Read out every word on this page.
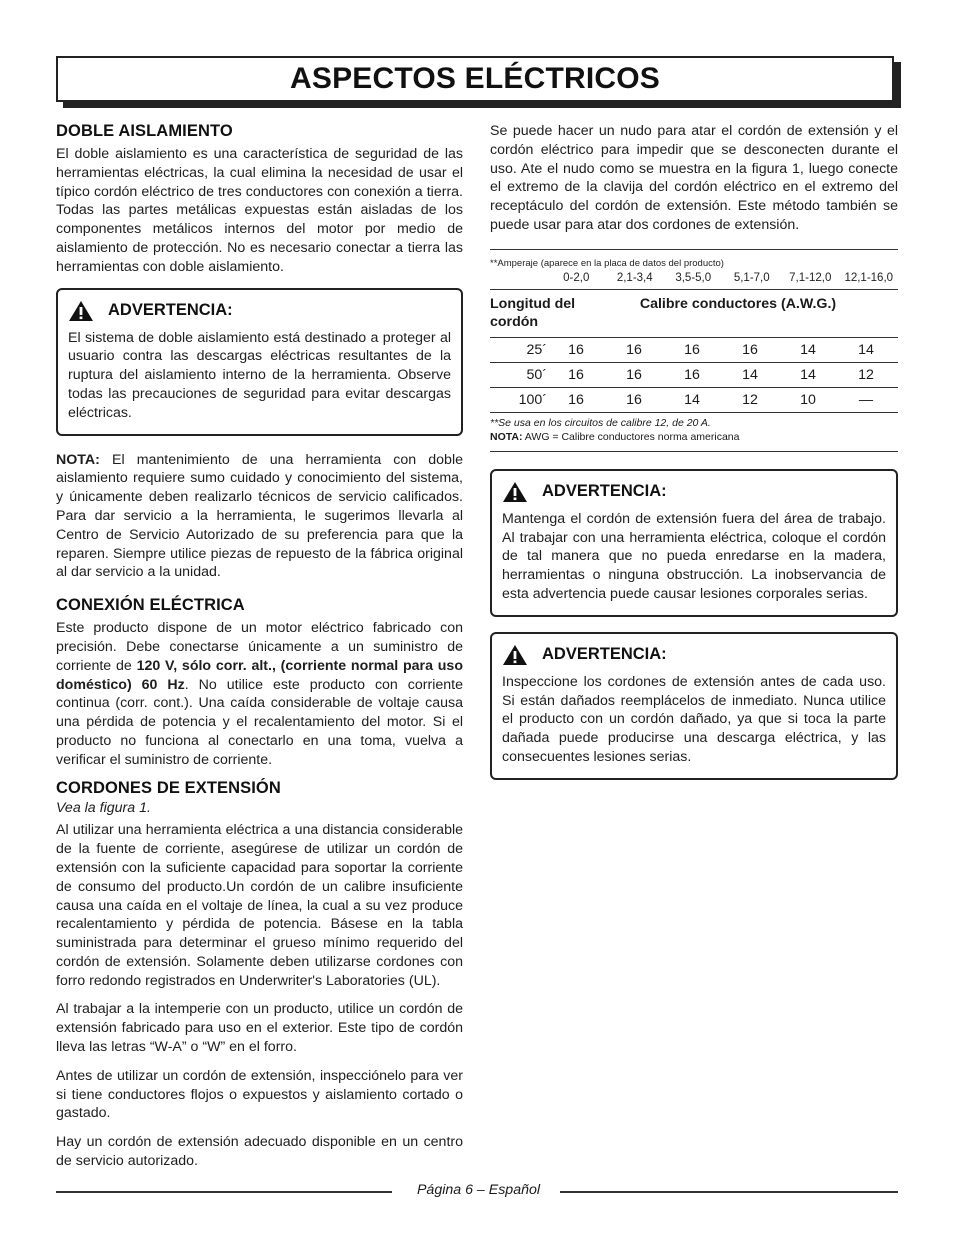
ASPECTOS ELÉCTRICOS
DOBLE AISLAMIENTO

El doble aislamiento es una característica de seguridad de las herramientas eléctricas, la cual elimina la necesidad de usar el típico cordón eléctrico de tres conductores con conexión a tierra. Todas las partes metálicas expuestas están aisladas de los componentes metálicos internos del motor por medio de aislamiento de protección. No es necesario conectar a tierra las herramientas con doble aislamiento.

ADVERTENCIA:

El sistema de doble aislamiento está destinado a proteger al usuario contra las descargas eléctricas resultantes de la ruptura del aislamiento interno de la herramienta. Observe todas las precauciones de seguridad para evitar descargas eléctricas.

NOTA: El mantenimiento de una herramienta con doble aislamiento requiere sumo cuidado y conocimiento del sistema, y únicamente deben realizarlo técnicos de servicio calificados. Para dar servicio a la herramienta, le sugerimos llevarla al Centro de Servicio Autorizado de su preferencia para que la reparen. Siempre utilice piezas de repuesto de la fábrica original al dar servicio a la unidad.

CONEXIÓN ELÉCTRICA

Este producto dispone de un motor eléctrico fabricado con precisión. Debe conectarse únicamente a un suministro de corriente de 120 V, sólo corr. alt., (corriente normal para uso doméstico) 60 Hz. No utilice este producto con corriente continua (corr. cont.). Una caída considerable de voltaje causa una pérdida de potencia y el recalentamiento del motor. Si el producto no funciona al conectarlo en una toma, vuelva a verificar el suministro de corriente.

CORDONES DE EXTENSIÓN

Vea la figura 1.

Al utilizar una herramienta eléctrica a una distancia considerable de la fuente de corriente, asegúrese de utilizar un cordón de extensión con la suficiente capacidad para soportar la corriente de consumo del producto.Un cordón de un calibre insuficiente causa una caída en el voltaje de línea, la cual a su vez produce recalentamiento y pérdida de potencia. Básese en la tabla suministrada para determinar el grueso mínimo requerido del cordón de extensión. Solamente deben utilizarse cordones con forro redondo registrados en Underwriter's Laboratories (UL).

Al trabajar a la intemperie con un producto, utilice un cordón de extensión fabricado para uso en el exterior. Este tipo de cordón lleva las letras “W-A” o “W” en el forro.

Antes de utilizar un cordón de extensión, inspecciónelo para ver si tiene conductores flojos o expuestos y aislamiento cortado o gastado.

Hay un cordón de extensión adecuado disponible en un centro de servicio autorizado.

Se puede hacer un nudo para atar el cordón de extensión y el cordón eléctrico para impedir que se desconecten durante el uso. Ate el nudo como se muestra en la figura 1, luego conecte el extremo de la clavija del cordón eléctrico en el extremo del receptáculo del cordón de extensión. Este método también se puede usar para atar dos cordones de extensión.

**Amperaje (aparece en la placa de datos del producto)
0-2,0	2,1-3,4	3,5-5,0	5,1-7,0	7,1-12,0	12,1-16,0
Longitud del cordón
Calibre conductores (A.W.G.)
25´	16	16	16	16	14	14
50´	16	16	16	14	14	12
100´	16	16	14	12	10	—
**Se usa en los circuitos de calibre 12, de 20 A.
NOTA: AWG = Calibre conductores norma americana
ADVERTENCIA:

Mantenga el cordón de extensión fuera del área de trabajo. Al trabajar con una herramienta eléctrica, coloque el cordón de tal manera que no pueda enredarse en la madera, herramientas o ninguna obstrucción. La inobservancia de esta advertencia puede causar lesiones corporales serias.

ADVERTENCIA:

Inspeccione los cordones de extensión antes de cada uso. Si están dañados reemplácelos de inmediato. Nunca utilice el producto con un cordón dañado, ya que si toca la parte dañada puede producirse una descarga eléctrica, y las consecuentes lesiones serias.

Página 6 – Español
